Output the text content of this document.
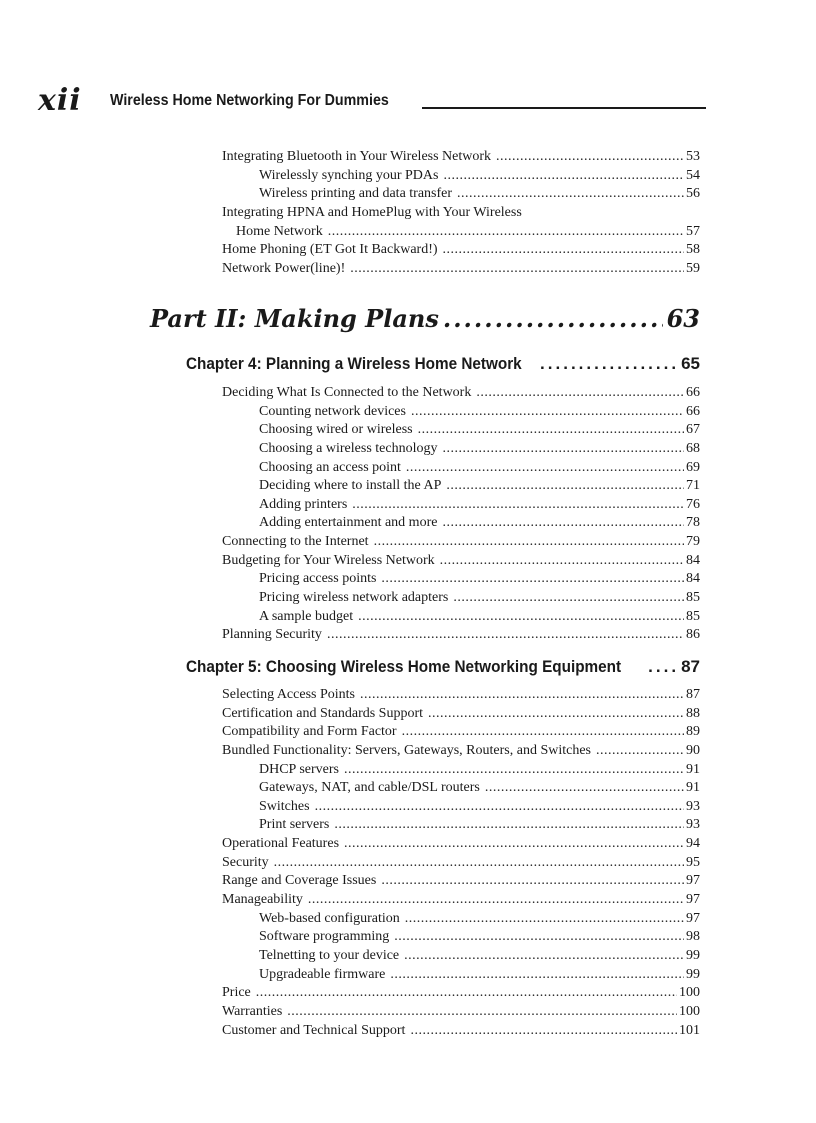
xii Wireless Home Networking For Dummies
Integrating Bluetooth in Your Wireless Network .....	53
Wirelessly synching your PDAs .....	54
Wireless printing and data transfer .....	56
Integrating HPNA and HomePlug with Your Wireless
Home Network .....	57
Home Phoning (ET Got It Backward!) .....	58
Network Power(line)! .....	59
Part II: Making Plans .....	63
Chapter 4: Planning a Wireless Home Network .....	65
Deciding What Is Connected to the Network .....	66
Counting network devices .....	66
Choosing wired or wireless .....	67
Choosing a wireless technology .....	68
Choosing an access point .....	69
Deciding where to install the AP .....	71
Adding printers .....	76
Adding entertainment and more .....	78
Connecting to the Internet .....	79
Budgeting for Your Wireless Network .....	84
Pricing access points .....	84
Pricing wireless network adapters .....	85
A sample budget .....	85
Planning Security .....	86
Chapter 5: Choosing Wireless Home Networking Equipment .....	87
Selecting Access Points .....	87
Certification and Standards Support .....	88
Compatibility and Form Factor .....	89
Bundled Functionality: Servers, Gateways, Routers, and Switches .....	90
DHCP servers .....	91
Gateways, NAT, and cable/DSL routers .....	91
Switches .....	93
Print servers .....	93
Operational Features .....	94
Security .....	95
Range and Coverage Issues .....	97
Manageability .....	97
Web-based configuration .....	97
Software programming .....	98
Telnetting to your device .....	99
Upgradeable firmware .....	99
Price .....	100
Warranties .....	100
Customer and Technical Support .....	101
